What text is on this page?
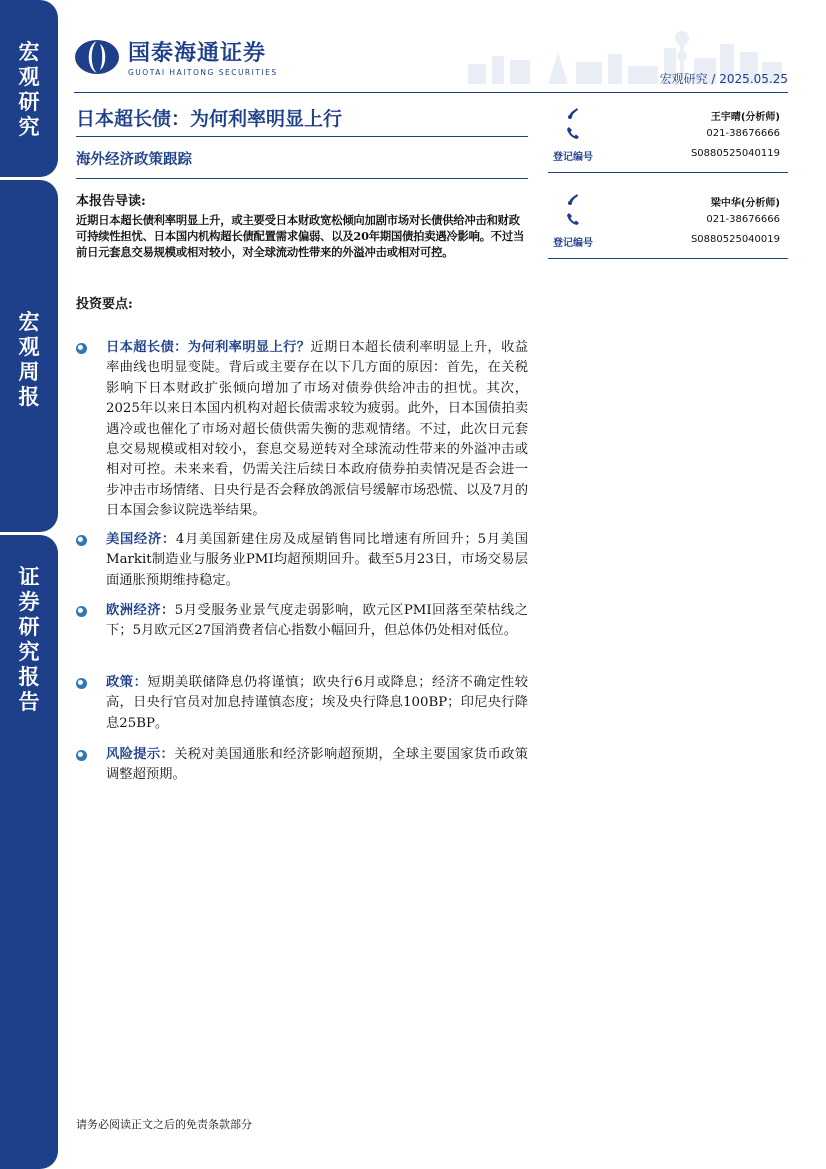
宏观研究
宏观周报
证券研究报告
国泰海通证券
GUOTAI HAITONG SECURITIES	宏观研究 / 2025.05.25
日本超长债：为何利率明显上行
海外经济政策跟踪
本报告导读:
近期日本超长债利率明显上升，或主要受日本财政宽松倾向加剧市场对长债供给冲击和财政可持续性担忧、日本国内机构超长债配置需求偏弱、以及20年期国债拍卖遇冷影响。不过当前日元套息交易规模或相对较小，对全球流动性带来的外溢冲击或相对可控。
投资要点:
日本超长债：为何利率明显上行？近期日本超长债利率明显上升，收益率曲线也明显变陡。背后或主要存在以下几方面的原因：首先，在关税影响下日本财政扩张倾向增加了市场对债券供给冲击的担忧。其次，2025年以来日本国内机构对超长债需求较为疲弱。此外，日本国债拍卖遇冷或也催化了市场对超长债供需失衡的悲观情绪。不过，此次日元套息交易规模或相对较小，套息交易逆转对全球流动性带来的外溢冲击或相对可控。未来来看，仍需关注后续日本政府债券拍卖情况是否会进一步冲击市场情绪、日央行是否会释放鸽派信号缓解市场恐慌、以及7月的日本国会参议院选举结果。
美国经济：4月美国新建住房及成屋销售同比增速有所回升；5月美国Markit制造业与服务业PMI均超预期回升。截至5月23日，市场交易层面通胀预期维持稳定。
欧洲经济：5月受服务业景气度走弱影响，欧元区PMI回落至荣枯线之下；5月欧元区27国消费者信心指数小幅回升，但总体仍处相对低位。
政策：短期美联储降息仍将谨慎；欧央行6月或降息；经济不确定性较高，日央行官员对加息持谨慎态度；埃及央行降息100BP；印尼央行降息25BP。
风险提示：关税对美国通胀和经济影响超预期，全球主要国家货币政策调整超预期。
王宇晴(分析师)
021-38676666
登记编号	S0880525040119
梁中华(分析师)
021-38676666
登记编号	S0880525040019
请务必阅读正文之后的免责条款部分
